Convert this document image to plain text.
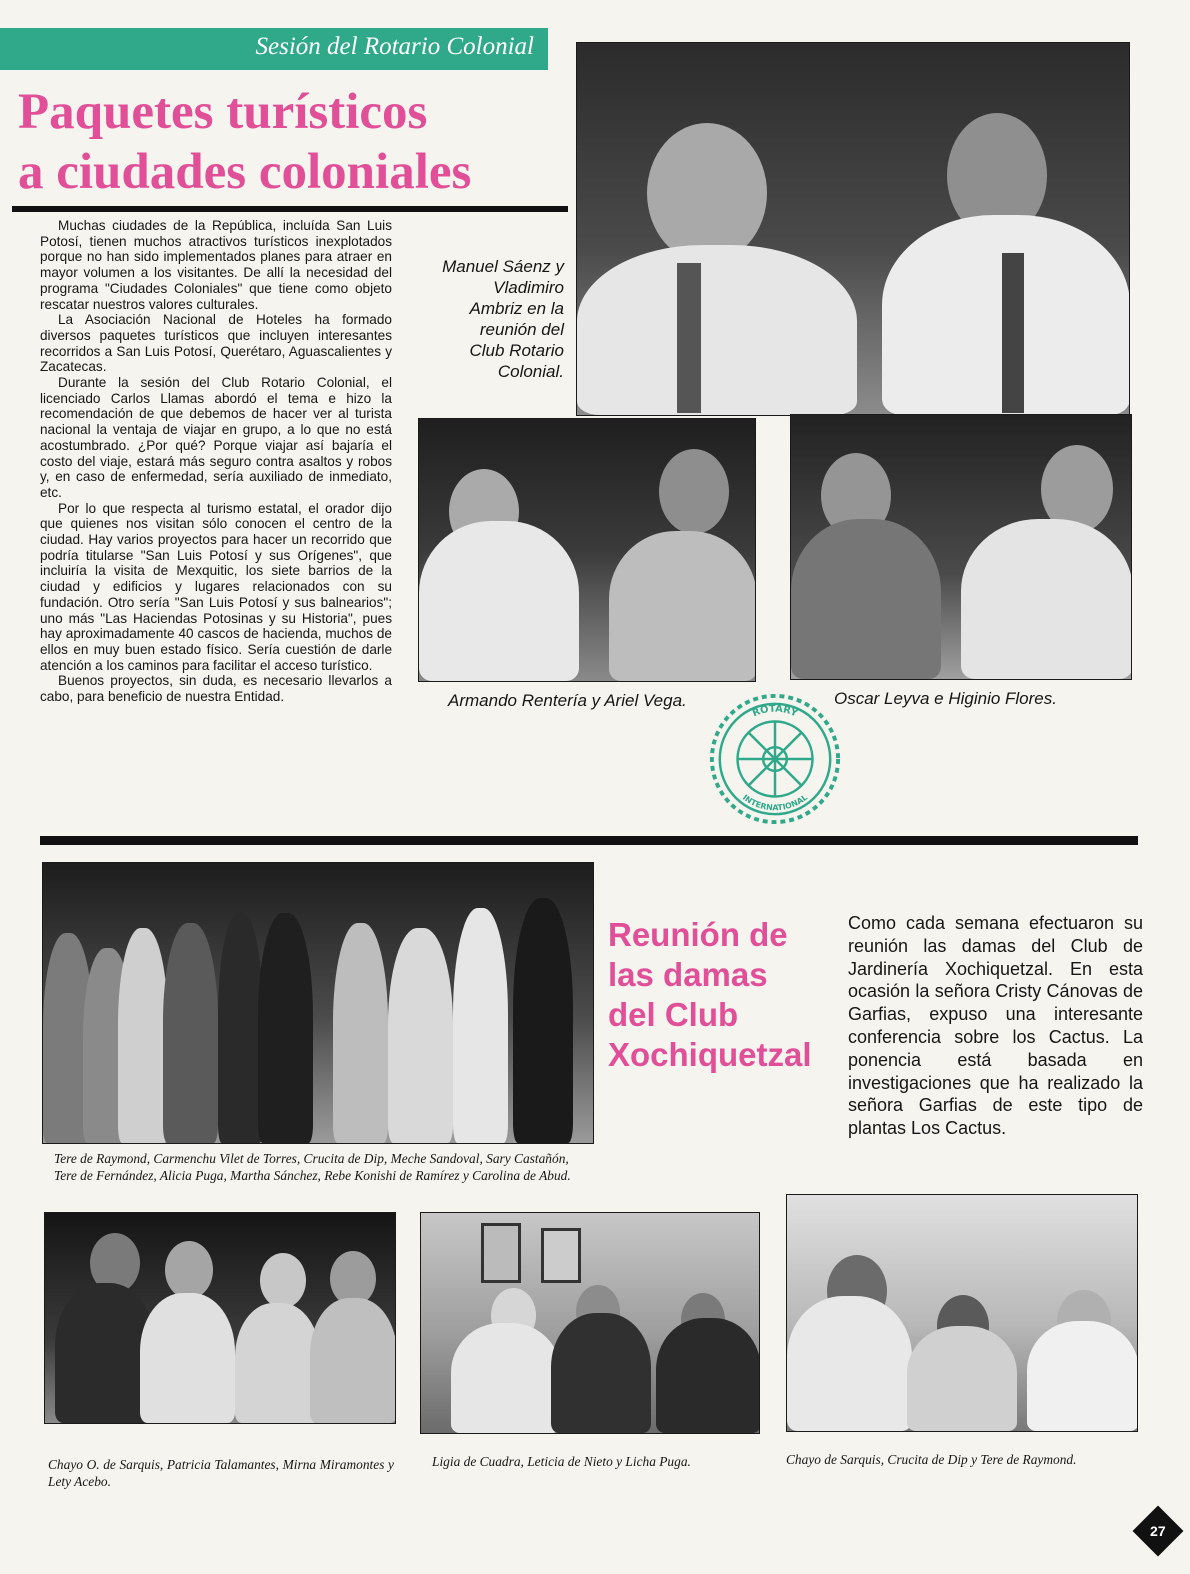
Sesión del Rotario Colonial
Paquetes turísticos
a ciudades coloniales

Muchas ciudades de la República, incluída San Luis Potosí, tienen muchos atractivos turísticos inexplotados porque no han sido implementados planes para atraer en mayor volumen a los visitantes. De allí la necesidad del programa "Ciudades Coloniales" que tiene como objeto rescatar nuestros valores culturales.

La Asociación Nacional de Hoteles ha formado diversos paquetes turísticos que incluyen interesantes recorridos a San Luis Potosí, Querétaro, Aguascalientes y Zacatecas.

Durante la sesión del Club Rotario Colonial, el licenciado Carlos Llamas abordó el tema e hizo la recomendación de que debemos de hacer ver al turista nacional la ventaja de viajar en grupo, a lo que no está acostumbrado. ¿Por qué? Porque viajar así bajaría el costo del viaje, estará más seguro contra asaltos y robos y, en caso de enfermedad, sería auxiliado de inmediato, etc.

Por lo que respecta al turismo estatal, el orador dijo que quienes nos visitan sólo conocen el centro de la ciudad. Hay varios proyectos para hacer un recorrido que podría titularse "San Luis Potosí y sus Orígenes", que incluiría la visita de Mexquitic, los siete barrios de la ciudad y edificios y lugares relacionados con su fundación. Otro sería "San Luis Potosí y sus balnearios"; uno más "Las Haciendas Potosinas y su Historia", pues hay aproximadamente 40 cascos de hacienda, muchos de ellos en muy buen estado físico. Sería cuestión de darle atención a los caminos para facilitar el acceso turístico.

Buenos proyectos, sin duda, es necesario llevarlos a cabo, para beneficio de nuestra Entidad.

Manuel Sáenz y
Vladimiro
Ambriz en la
reunión del
Club Rotario
Colonial.
Armando Rentería y Ariel Vega.	Oscar Leyva e Higinio Flores.
ROTARY
INTERNATIONAL
Tere de Raymond, Carmenchu Vilet de Torres, Crucita de Dip, Meche Sandoval, Sary Castañón, Tere de Fernández, Alicia Puga, Martha Sánchez, Rebe Konishi de Ramírez y Carolina de Abud.
Reunión de
las damas
del Club
Xochiquetzal
Como cada semana efectuaron su reunión las damas del Club de Jardinería Xochiquetzal. En esta ocasión la señora Cristy Cánovas de Garfias, expuso una interesante conferencia sobre los Cactus. La ponencia está basada en investigaciones que ha realizado la señora Garfias de este tipo de plantas Los Cactus.
Chayo O. de Sarquis, Patricia Talamantes, Mirna Miramontes y Lety Acebo.
Ligia de Cuadra, Leticia de Nieto y Licha Puga.	Chayo de Sarquis, Crucita de Dip y Tere de Raymond.
27
